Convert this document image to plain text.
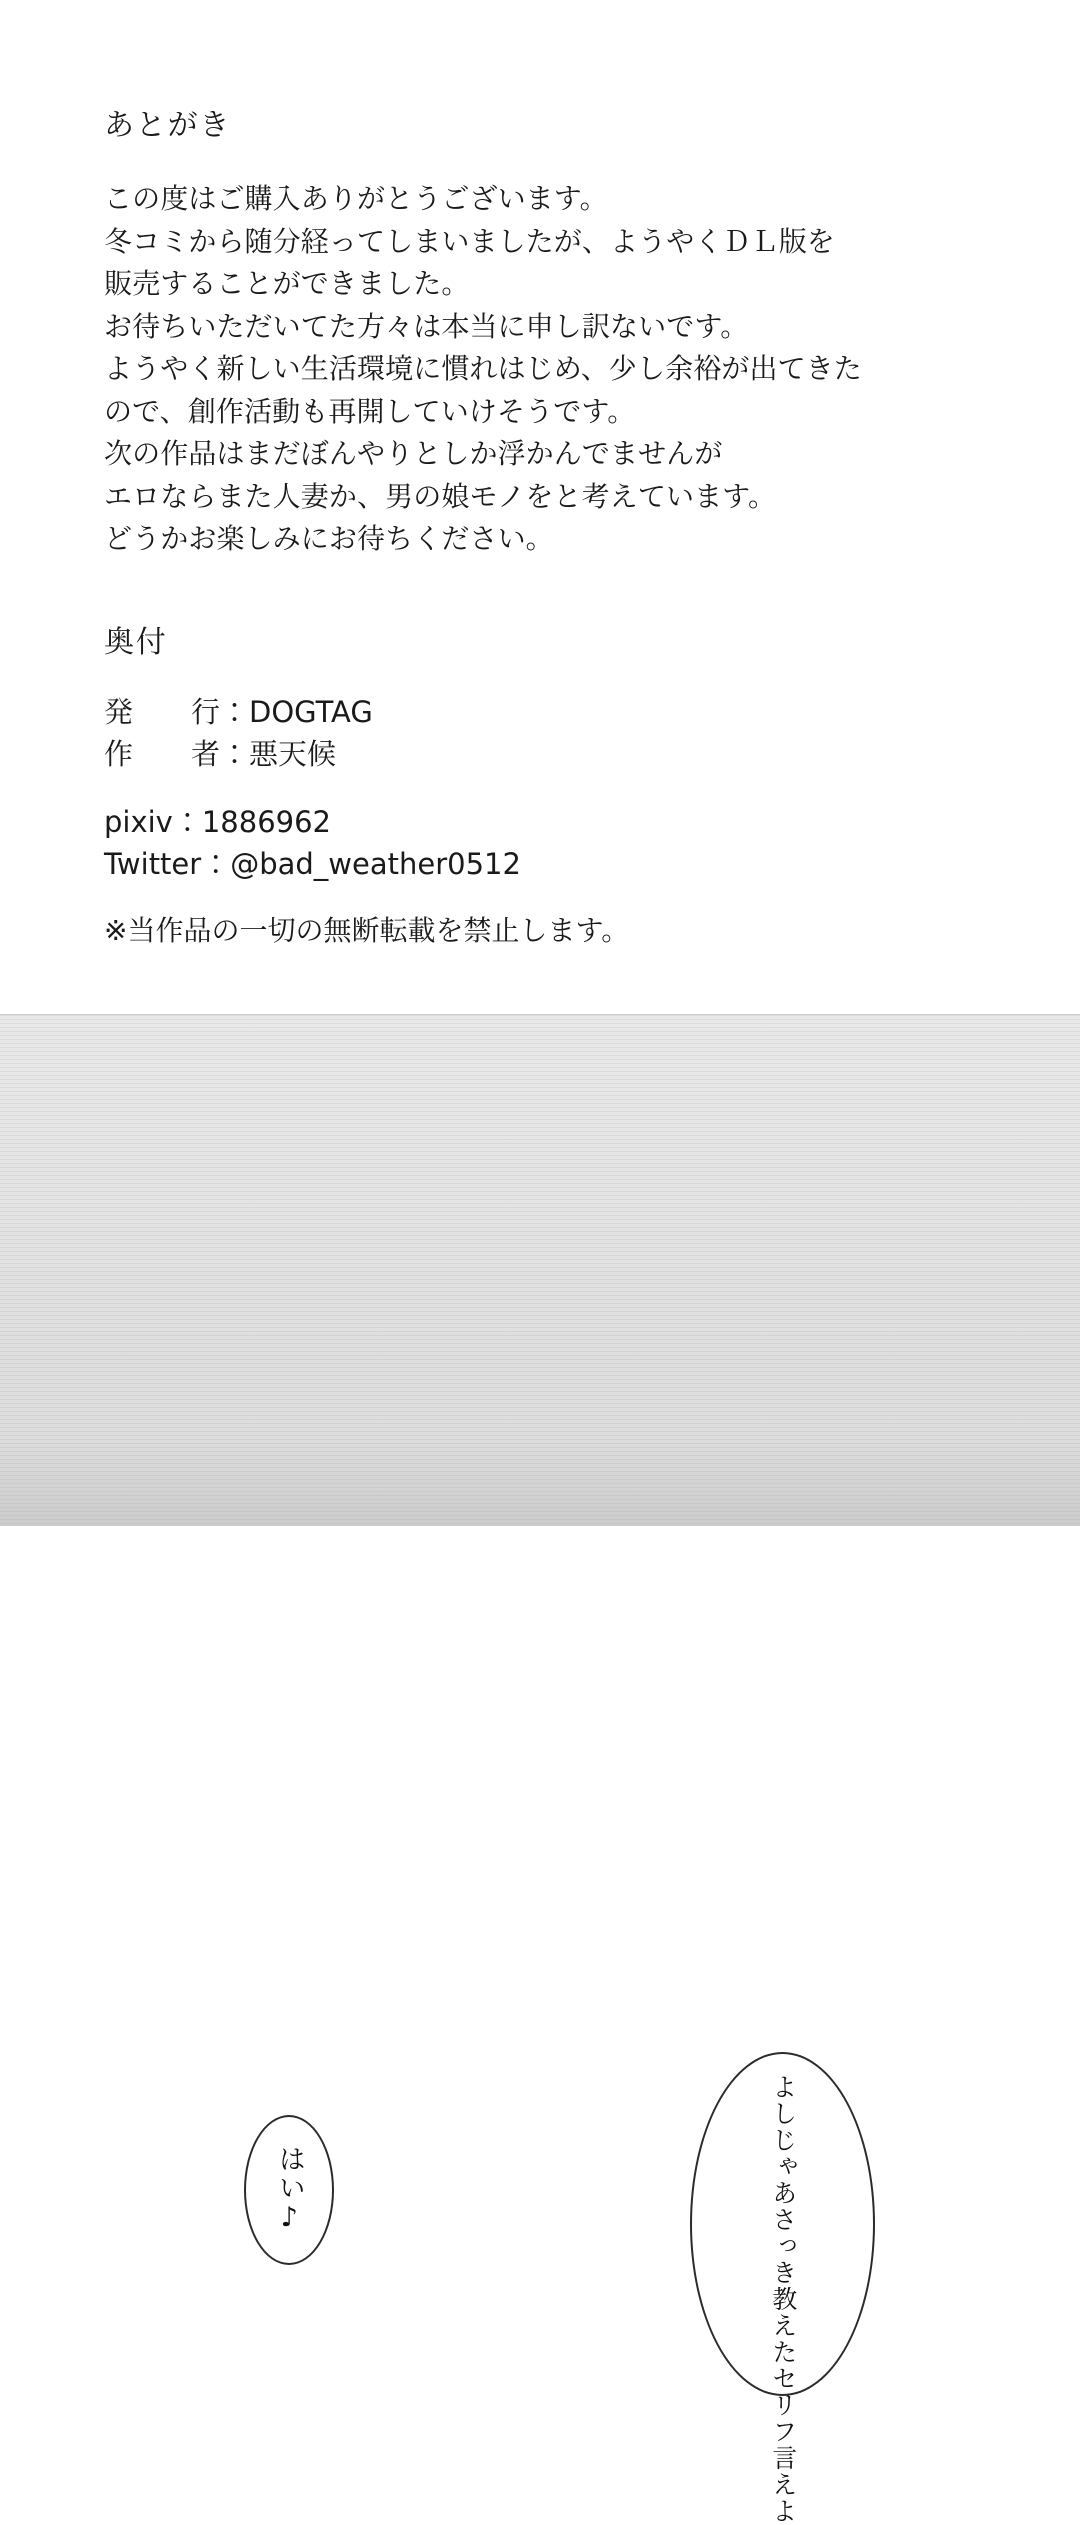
あとがき
この度はご購入ありがとうございます。
冬コミから随分経ってしまいましたが、ようやくＤＬ版を
販売することができました。
お待ちいただいてた方々は本当に申し訳ないです。
ようやく新しい生活環境に慣れはじめ、少し余裕が出てきた
ので、創作活動も再開していけそうです。
次の作品はまだぼんやりとしか浮かんでませんが
エロならまた人妻か、男の娘モノをと考えています。
どうかお楽しみにお待ちください。
奥付
発　　行：DOGTAG
作　　者：悪天候
pixiv：1886962
Twitter：@bad_weather0512
※当作品の一切の無断転載を禁止します。
はい♪	よしじゃあさっき教えたセリフ言えよ
